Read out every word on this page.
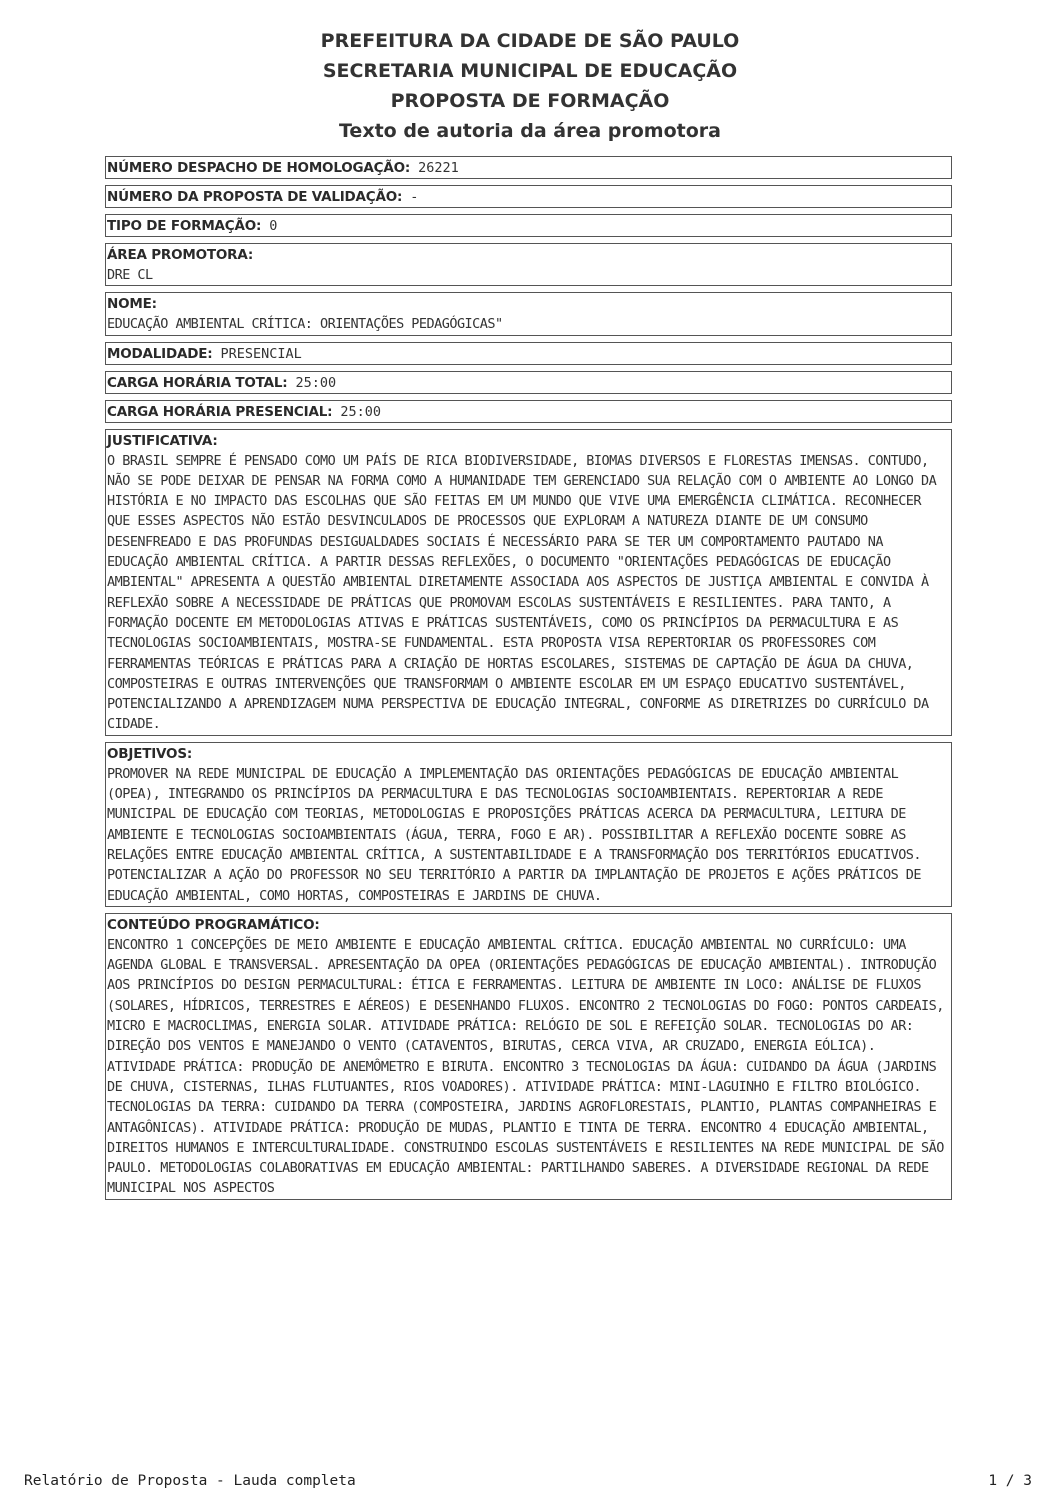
PREFEITURA DA CIDADE DE SÃO PAULO
SECRETARIA MUNICIPAL DE EDUCAÇÃO
PROPOSTA DE FORMAÇÃO
Texto de autoria da área promotora
NÚMERO DESPACHO DE HOMOLOGAÇÃO: 26221
NÚMERO DA PROPOSTA DE VALIDAÇÃO: -
TIPO DE FORMAÇÃO: 0
ÁREA PROMOTORA:
DRE CL
NOME:
EDUCAÇÃO AMBIENTAL CRÍTICA: ORIENTAÇÕES PEDAGÓGICAS"
MODALIDADE: PRESENCIAL
CARGA HORÁRIA TOTAL: 25:00
CARGA HORÁRIA PRESENCIAL: 25:00
JUSTIFICATIVA:
O BRASIL SEMPRE É PENSADO COMO UM PAÍS DE RICA BIODIVERSIDADE, BIOMAS DIVERSOS E FLORESTAS IMENSAS. CONTUDO, NÃO SE PODE DEIXAR DE PENSAR NA FORMA COMO A HUMANIDADE TEM GERENCIADO SUA RELAÇÃO COM O AMBIENTE AO LONGO DA HISTÓRIA E NO IMPACTO DAS ESCOLHAS QUE SÃO FEITAS EM UM MUNDO QUE VIVE UMA EMERGÊNCIA CLIMÁTICA. RECONHECER QUE ESSES ASPECTOS NÃO ESTÃO DESVINCULADOS DE PROCESSOS QUE EXPLORAM A NATUREZA DIANTE DE UM CONSUMO DESENFREADO E DAS PROFUNDAS DESIGUALDADES SOCIAIS É NECESSÁRIO PARA SE TER UM COMPORTAMENTO PAUTADO NA EDUCAÇÃO AMBIENTAL CRÍTICA. A PARTIR DESSAS REFLEXÕES, O DOCUMENTO "ORIENTAÇÕES PEDAGÓGICAS DE EDUCAÇÃO AMBIENTAL" APRESENTA A QUESTÃO AMBIENTAL DIRETAMENTE ASSOCIADA AOS ASPECTOS DE JUSTIÇA AMBIENTAL E CONVIDA À REFLEXÃO SOBRE A NECESSIDADE DE PRÁTICAS QUE PROMOVAM ESCOLAS SUSTENTÁVEIS E RESILIENTES. PARA TANTO, A FORMAÇÃO DOCENTE EM METODOLOGIAS ATIVAS E PRÁTICAS SUSTENTÁVEIS, COMO OS PRINCÍPIOS DA PERMACULTURA E AS TECNOLOGIAS SOCIOAMBIENTAIS, MOSTRA-SE FUNDAMENTAL. ESTA PROPOSTA VISA REPERTORIAR OS PROFESSORES COM FERRAMENTAS TEÓRICAS E PRÁTICAS PARA A CRIAÇÃO DE HORTAS ESCOLARES, SISTEMAS DE CAPTAÇÃO DE ÁGUA DA CHUVA, COMPOSTEIRAS E OUTRAS INTERVENÇÕES QUE TRANSFORMAM O AMBIENTE ESCOLAR EM UM ESPAÇO EDUCATIVO SUSTENTÁVEL, POTENCIALIZANDO A APRENDIZAGEM NUMA PERSPECTIVA DE EDUCAÇÃO INTEGRAL, CONFORME AS DIRETRIZES DO CURRÍCULO DA CIDADE.
OBJETIVOS:
PROMOVER NA REDE MUNICIPAL DE EDUCAÇÃO A IMPLEMENTAÇÃO DAS ORIENTAÇÕES PEDAGÓGICAS DE EDUCAÇÃO AMBIENTAL (OPEA), INTEGRANDO OS PRINCÍPIOS DA PERMACULTURA E DAS TECNOLOGIAS SOCIOAMBIENTAIS. REPERTORIAR A REDE MUNICIPAL DE EDUCAÇÃO COM TEORIAS, METODOLOGIAS E PROPOSIÇÕES PRÁTICAS ACERCA DA PERMACULTURA, LEITURA DE AMBIENTE E TECNOLOGIAS SOCIOAMBIENTAIS (ÁGUA, TERRA, FOGO E AR). POSSIBILITAR A REFLEXÃO DOCENTE SOBRE AS RELAÇÕES ENTRE EDUCAÇÃO AMBIENTAL CRÍTICA, A SUSTENTABILIDADE E A TRANSFORMAÇÃO DOS TERRITÓRIOS EDUCATIVOS. POTENCIALIZAR A AÇÃO DO PROFESSOR NO SEU TERRITÓRIO A PARTIR DA IMPLANTAÇÃO DE PROJETOS E AÇÕES PRÁTICOS DE EDUCAÇÃO AMBIENTAL, COMO HORTAS, COMPOSTEIRAS E JARDINS DE CHUVA.
CONTEÚDO PROGRAMÁTICO:
ENCONTRO 1 CONCEPÇÕES DE MEIO AMBIENTE E EDUCAÇÃO AMBIENTAL CRÍTICA. EDUCAÇÃO AMBIENTAL NO CURRÍCULO: UMA AGENDA GLOBAL E TRANSVERSAL. APRESENTAÇÃO DA OPEA (ORIENTAÇÕES PEDAGÓGICAS DE EDUCAÇÃO AMBIENTAL). INTRODUÇÃO AOS PRINCÍPIOS DO DESIGN PERMACULTURAL: ÉTICA E FERRAMENTAS. LEITURA DE AMBIENTE IN LOCO: ANÁLISE DE FLUXOS (SOLARES, HÍDRICOS, TERRESTRES E AÉREOS) E DESENHANDO FLUXOS. ENCONTRO 2 TECNOLOGIAS DO FOGO: PONTOS CARDEAIS, MICRO E MACROCLIMAS, ENERGIA SOLAR. ATIVIDADE PRÁTICA: RELÓGIO DE SOL E REFEIÇÃO SOLAR. TECNOLOGIAS DO AR: DIREÇÃO DOS VENTOS E MANEJANDO O VENTO (CATAVENTOS, BIRUTAS, CERCA VIVA, AR CRUZADO, ENERGIA EÓLICA). ATIVIDADE PRÁTICA: PRODUÇÃO DE ANEMÔMETRO E BIRUTA. ENCONTRO 3 TECNOLOGIAS DA ÁGUA: CUIDANDO DA ÁGUA (JARDINS DE CHUVA, CISTERNAS, ILHAS FLUTUANTES, RIOS VOADORES). ATIVIDADE PRÁTICA: MINI-LAGUINHO E FILTRO BIOLÓGICO. TECNOLOGIAS DA TERRA: CUIDANDO DA TERRA (COMPOSTEIRA, JARDINS AGROFLORESTAIS, PLANTIO, PLANTAS COMPANHEIRAS E ANTAGÔNICAS). ATIVIDADE PRÁTICA: PRODUÇÃO DE MUDAS, PLANTIO E TINTA DE TERRA. ENCONTRO 4 EDUCAÇÃO AMBIENTAL, DIREITOS HUMANOS E INTERCULTURALIDADE. CONSTRUINDO ESCOLAS SUSTENTÁVEIS E RESILIENTES NA REDE MUNICIPAL DE SÃO PAULO. METODOLOGIAS COLABORATIVAS EM EDUCAÇÃO AMBIENTAL: PARTILHANDO SABERES. A DIVERSIDADE REGIONAL DA REDE MUNICIPAL NOS ASPECTOS
Relatório de Proposta - Lauda completa	1 / 3
